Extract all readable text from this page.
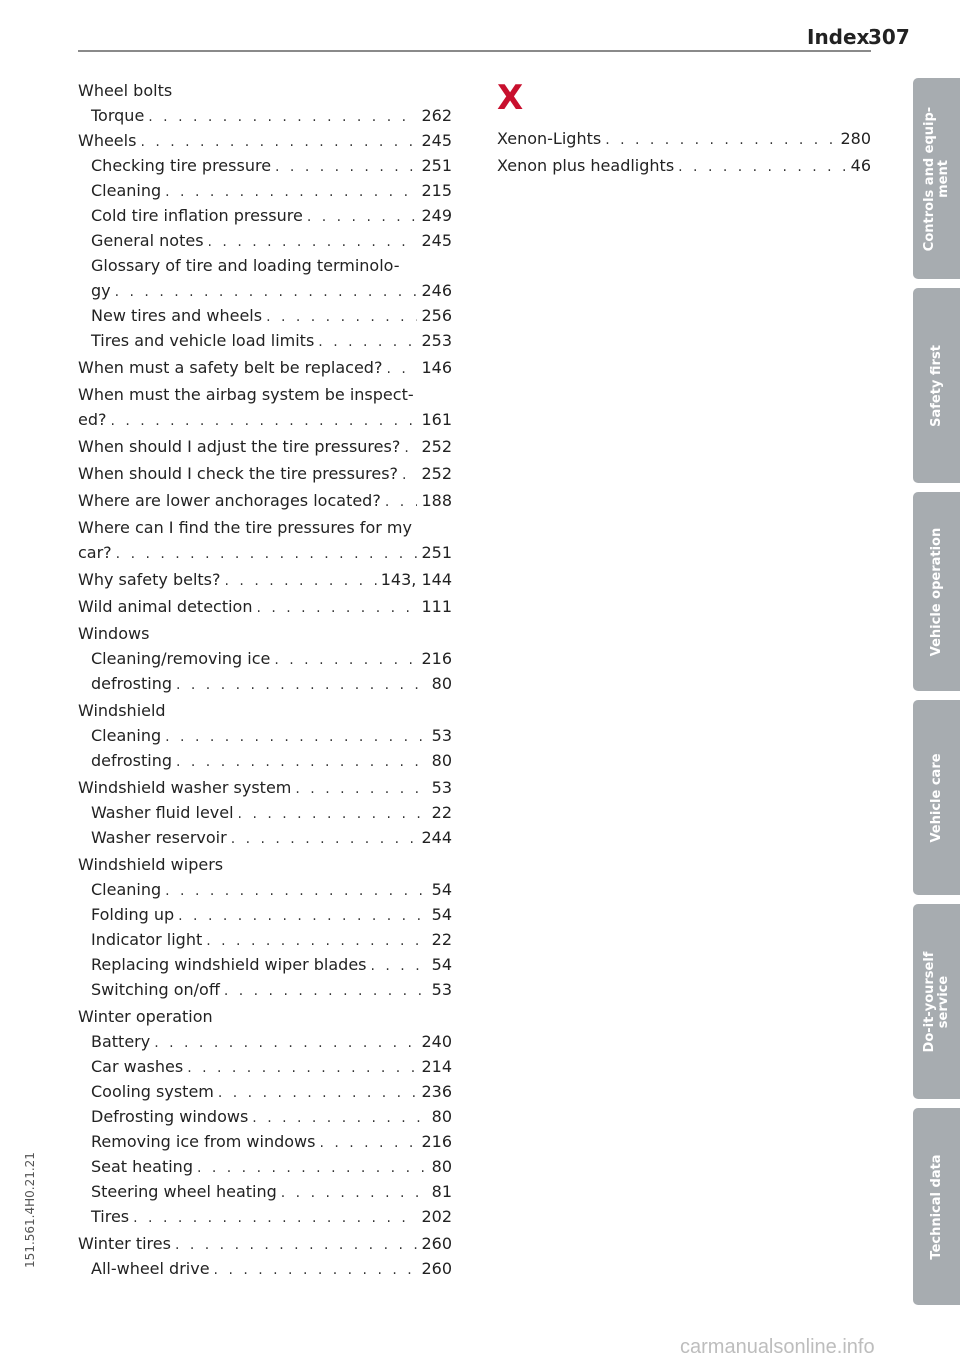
Index
307
Wheel bolts
Torque . . .	262
Wheels . . .	245
Checking tire pressure . . .	251
Cleaning . . .	215
Cold tire inflation pressure . . .	249
General notes . . .	245
Glossary of tire and loading terminolo-
gy . . .	246
New tires and wheels . . .	256
Tires and vehicle load limits . . .	253
When must a safety belt be replaced? . . . 146
When must the airbag system be inspect-
ed? . . .	161
When should I adjust the tire pressures? . . . 252
When should I check the tire pressures? . . . 252
Where are lower anchorages located? . . .	188
Where can I find the tire pressures for my
car? . . .	251
Why safety belts? . . .	143, 144
Wild animal detection . . .	111
Windows
Cleaning/removing ice . . .	216
defrosting . . .	80
Windshield
Cleaning . . .	53
defrosting . . .	80
Windshield washer system . . .	53
Washer fluid level . . .	22
Washer reservoir . . .	244
Windshield wipers
Cleaning . . .	54
Folding up . . .	54
Indicator light . . .	22
Replacing windshield wiper blades . . .	54
Switching on/off . . .	53
Winter operation
Battery . . .	240
Car washes . . .	214
Cooling system . . .	236
Defrosting windows . . .	80
Removing ice from windows . . .	216
Seat heating . . .	80
Steering wheel heating . . .	81
Tires . . .	202
Winter tires . . .	260
All-wheel drive . . .	260
X
Xenon-Lights . . .	280
Xenon plus headlights . . .	46
Controls and equip-
ment
Safety first
Vehicle operation
Vehicle care
Do-it-yourself
service
Technical data
151.561.4H0.21.21
carmanualsonline.info
